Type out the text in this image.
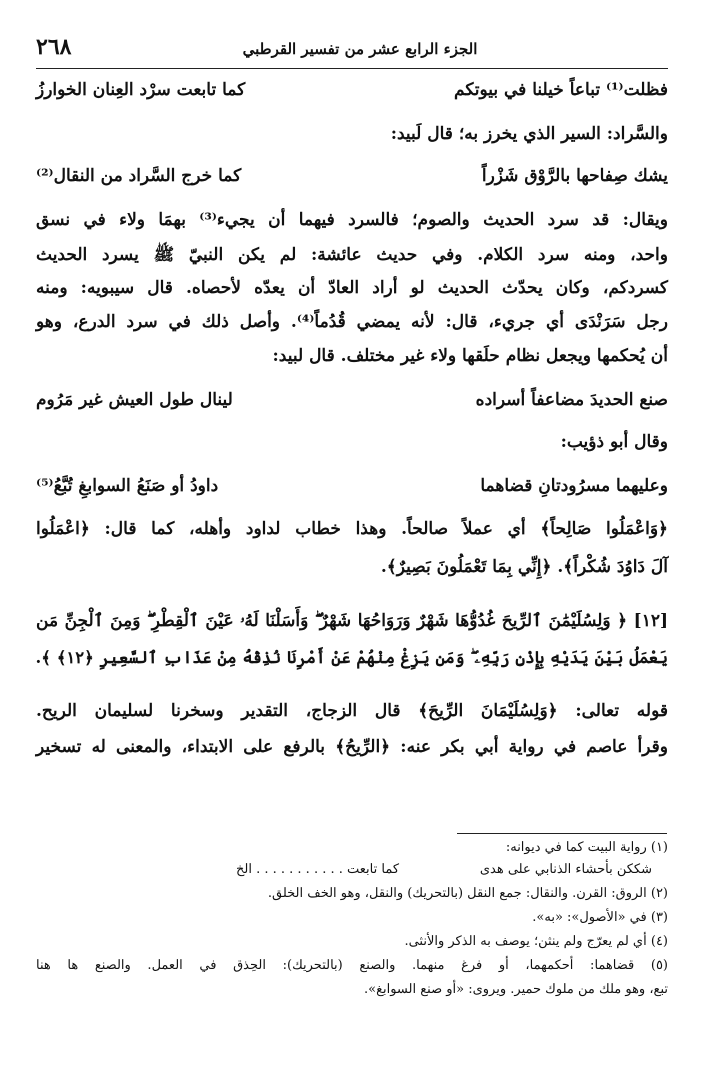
٢٦٨	الجزء الرابع عشر من تفسير القرطبي
فظلت⁽¹⁾ تباعاً خيلنا في بيوتكم
كما تابعت سرْد العِنان الخوارزُ
والسَّراد: السير الذي يخرز به؛ قال لَبيد:
يشك صِفاحها بالرَّوْق شَزْراً
كما خرج السَّراد من النقال⁽²⁾
ويقال: قد سرد الحديث والصوم؛ فالسرد فيهما أن يجيء⁽³⁾ بهمَا ولاء في نسق
واحد، ومنه سرد الكلام. وفي حديث عائشة: لم يكن النبيّ ﷺ يسرد الحديث
كسردكم، وكان يحدّث الحديث لو أراد العادّ أن يعدّه لأحصاه. قال سيبويه: ومنه
رجل سَرَنْدَى أي جريء، قال: لأنه يمضي قُدُماً⁽⁴⁾. وأصل ذلك في سرد الدرع، وهو
أن يُحكمها ويجعل نظام حلَقها ولاء غير مختلف. قال لبيد:
صنع الحديدَ مضاعفاً أسراده
لينال طول العيش غير مَرُوم
وقال أبو ذؤيب:
وعليهما مسرُودتانِ قضاهما
داودُ أو صَنَعُ السوابغِ تُبَّعُ⁽⁵⁾
﴿وَاعْمَلُوا صَالِحاً﴾ أي عملاً صالحاً. وهذا خطاب لداود وأهله، كما قال: ﴿اعْمَلُوا
آلَ دَاوُدَ شُكْراً﴾. ﴿إِنِّي بِمَا تَعْمَلُونَ بَصِيرٌ﴾.
[١٢] ﴿ وَلِسُلَيْمَٰنَ ٱلرِّيحَ غُدُوُّهَا شَهْرٌ وَرَوَاحُهَا شَهْرٌ ۖ وَأَسَلْنَا لَهُۥ عَيْنَ ٱلْقِطْرِ ۖ وَمِنَ ٱلْجِنِّ مَن
يَعْمَلُ بَيْنَ يَدَيْهِ بِإِذْنِ رَبِّهِۦ ۖ وَمَن يَزِغْ مِنْهُمْ عَنْ أَمْرِنَا نُذِقْهُ مِنْ عَذَابِ ٱلسَّعِيرِ ﴿١٢﴾ ﴾.
قوله تعالى: ﴿وَلِسُلَيْمَانَ الرِّيحَ﴾ قال الزجاج، التقدير وسخرنا لسليمان الريح.
وقرأ عاصم في رواية أبي بكر عنه: ﴿الرِّيحُ﴾ بالرفع على الابتداء، والمعنى له تسخير
(١) رواية البيت كما في ديوانه:
شككن بأحشاء الذنابي على هدى
كما تابعت . . . . . . . . . . . الخ
(٢) الروق: القرن. والنقال: جمع النقل (بالتحريك) والنقل، وهو الخف الخلق.
(٣) في «الأصول»: «به».
(٤) أي لم يعرّج ولم ينثن؛ يوصف به الذكر والأنثى.
(٥) قضاهما: أحكمهما، أو فرغ منهما. والصنع (بالتحريك): الحِذق في العمل. والصنع ها هنا
تبع، وهو ملك من ملوك حمير. ويروى: «أو صنع السوابغ».
